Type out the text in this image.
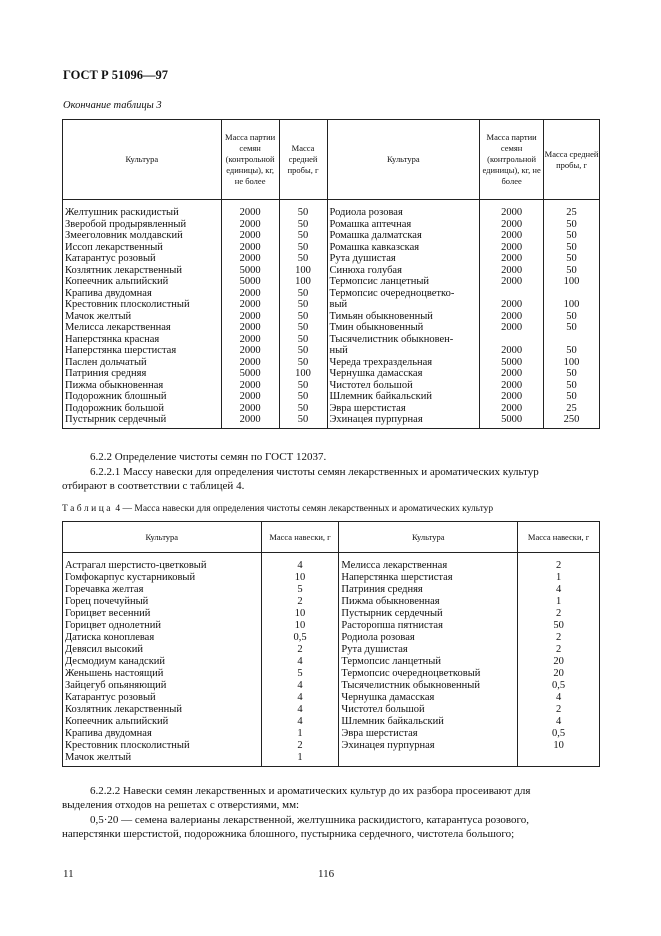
ГОСТ Р 51096—97
Окончание таблицы 3
Культура	Масса партии семян (контрольной единицы), кг, не более	Масса средней пробы, г	Культура	Масса партии семян (контрольной единицы), кг, не более	Масса средней пробы, г
Желтушник раскидистый	2000	50	Родиола розовая	2000	25
Зверобой продырявленный	2000	50	Ромашка аптечная	2000	50
Змееголовник молдавский	2000	50	Ромашка далматская	2000	50
Иссоп лекарственный	2000	50	Ромашка кавказская	2000	50
Катарантус розовый	2000	50	Рута душистая	2000	50
Козлятник лекарственный	5000	100	Синюха голубая	2000	50
Копеечник альпийский	5000	100	Термопсис ланцетный	2000	100
Крапива двудомная	2000	50	Термопсис очередноцветко-		
Крестовник плосколистный	2000	50	вый	2000	100
Мачок желтый	2000	50	Тимьян обыкновенный	2000	50
Мелисса лекарственная	2000	50	Тмин обыкновенный	2000	50
Наперстянка красная	2000	50	Тысячелистник обыкновен-		
Наперстянка шерстистая	2000	50	ный	2000	50
Паслен дольчатый	2000	50	Череда трехраздельная	5000	100
Патриния средняя	5000	100	Чернушка дамасская	2000	50
Пижма обыкновенная	2000	50	Чистотел большой	2000	50
Подорожник блошный	2000	50	Шлемник байкальский	2000	50
Подорожник большой	2000	50	Эвра шерстистая	2000	25
Пустырник сердечный	2000	50	Эхинацея пурпурная	5000	250
6.2.2 Определение чистоты семян по ГОСТ 12037.
6.2.2.1 Массу навески для определения чистоты семян лекарственных и ароматических культур
отбирают в соответствии с таблицей 4.
Таблица 4 — Масса навески для определения чистоты семян лекарственных и ароматических культур
Культура	Масса навески, г	Культура	Масса навески, г
Астрагал шерстисто-цветковый	4	Мелисса лекарственная	2
Гомфокарпус кустарниковый	10	Наперстянка шерстистая	1
Горечавка желтая	5	Патриния средняя	4
Горец почечуйный	2	Пижма обыкновенная	1
Горицвет весенний	10	Пустырник сердечный	2
Горицвет однолетний	10	Расторопша пятнистая	50
Датиска коноплевая	0,5	Родиола розовая	2
Девясил высокий	2	Рута душистая	2
Десмодиум канадский	4	Термопсис ланцетный	20
Женьшень настоящий	5	Термопсис очередноцветковый	20
Зайцегуб опьяняющий	4	Тысячелистник обыкновенный	0,5
Катарантус розовый	4	Чернушка дамасская	4
Козлятник лекарственный	4	Чистотел большой	2
Копеечник альпийский	4	Шлемник байкальский	4
Крапива двудомная	1	Эвра шерстистая	0,5
Крестовник плосколистный	2	Эхинацея пурпурная	10
Мачок желтый	1		
6.2.2.2 Навески семян лекарственных и ароматических культур до их разбора просеивают для
выделения отходов на решетах с отверстиями, мм:
0,5·20 — семена валерианы лекарственной, желтушника раскидистого, катарантуса розового,
наперстянки шерстистой, подорожника блошного, пустырника сердечного, чистотела большого;
11	116
